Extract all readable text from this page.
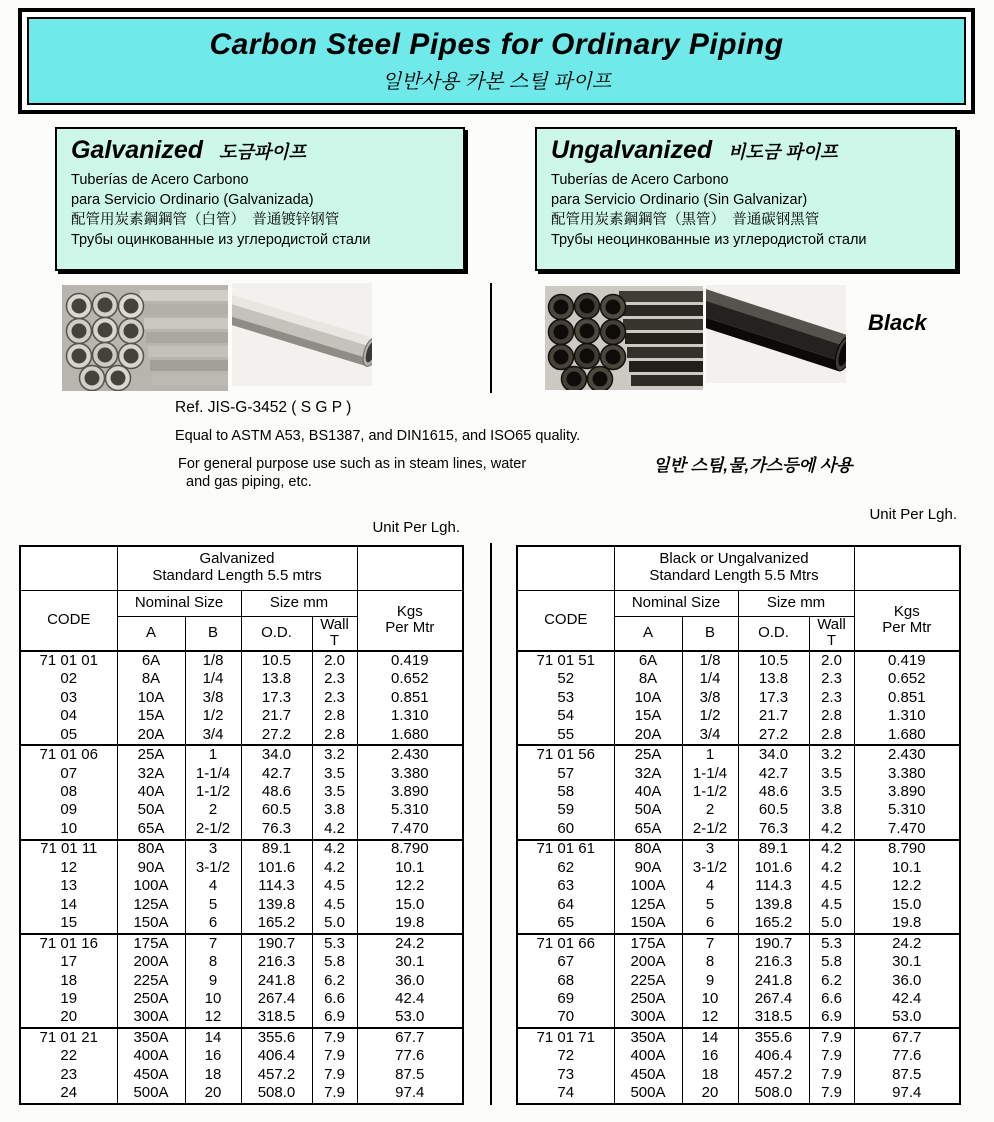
Carbon Steel Pipes for Ordinary Piping
일반사용 카본 스틸 파이프
Galvanized 도금파이프
Tuberías de Acero Carbono
para Servicio Ordinario (Galvanizada)
配管用炭素鋼鋼管（白管）　普通镀锌钢管
Трубы оцинкованные из углеродистой стали
Ungalvanized 비도금 파이프
Tuberías de Acero Carbono
para Servicio Ordinario (Sin Galvanizar)
配管用炭素鋼鋼管（黒管）　普通碳钢黑管
Трубы неоцинкованные из углеродистой стали
Black
Ref. JIS-G-3452 ( S G P )
Equal to ASTM A53, BS1387, and DIN1615, and ISO65 quality.
For general purpose use such as in steam lines, water
and gas piping, etc.
일반 스팀,물,가스등에 사용
Unit Per Lgh.
Unit Per Lgh.

	Galvanized
Standard Length 5.5 mtrs				

CODE	Nominal Size		Size mm		Kgs
Per Mtr

	A	B	O.D.	Wall
T	

71 01 01	6A	1/8	10.5	2.0	0.419
02	8A	1/4	13.8	2.3	0.652
03	10A	3/8	17.3	2.3	0.851
04	15A	1/2	21.7	2.8	1.310
05	20A	3/4	27.2	2.8	1.680
71 01 06	25A	1	34.0	3.2	2.430
07	32A	1-1/4	42.7	3.5	3.380
08	40A	1-1/2	48.6	3.5	3.890
09	50A	2	60.5	3.8	5.310
10	65A	2-1/2	76.3	4.2	7.470
71 01 11	80A	3	89.1	4.2	8.790
12	90A	3-1/2	101.6	4.2	10.1
13	100A	4	114.3	4.5	12.2
14	125A	5	139.8	4.5	15.0
15	150A	6	165.2	5.0	19.8
71 01 16	175A	7	190.7	5.3	24.2
17	200A	8	216.3	5.8	30.1
18	225A	9	241.8	6.2	36.0
19	250A	10	267.4	6.6	42.4
20	300A	12	318.5	6.9	53.0
71 01 21	350A	14	355.6	7.9	67.7
22	400A	16	406.4	7.9	77.6
23	450A	18	457.2	7.9	87.5
24	500A	20	508.0	7.9	97.4

	Black or Ungalvanized
Standard Length 5.5 Mtrs				

CODE	Nominal Size		Size mm		Kgs
Per Mtr

	A	B	O.D.	Wall
T	

71 01 51	6A	1/8	10.5	2.0	0.419
52	8A	1/4	13.8	2.3	0.652
53	10A	3/8	17.3	2.3	0.851
54	15A	1/2	21.7	2.8	1.310
55	20A	3/4	27.2	2.8	1.680
71 01 56	25A	1	34.0	3.2	2.430
57	32A	1-1/4	42.7	3.5	3.380
58	40A	1-1/2	48.6	3.5	3.890
59	50A	2	60.5	3.8	5.310
60	65A	2-1/2	76.3	4.2	7.470
71 01 61	80A	3	89.1	4.2	8.790
62	90A	3-1/2	101.6	4.2	10.1
63	100A	4	114.3	4.5	12.2
64	125A	5	139.8	4.5	15.0
65	150A	6	165.2	5.0	19.8
71 01 66	175A	7	190.7	5.3	24.2
67	200A	8	216.3	5.8	30.1
68	225A	9	241.8	6.2	36.0
69	250A	10	267.4	6.6	42.4
70	300A	12	318.5	6.9	53.0
71 01 71	350A	14	355.6	7.9	67.7
72	400A	16	406.4	7.9	77.6
73	450A	18	457.2	7.9	87.5
74	500A	20	508.0	7.9	97.4
